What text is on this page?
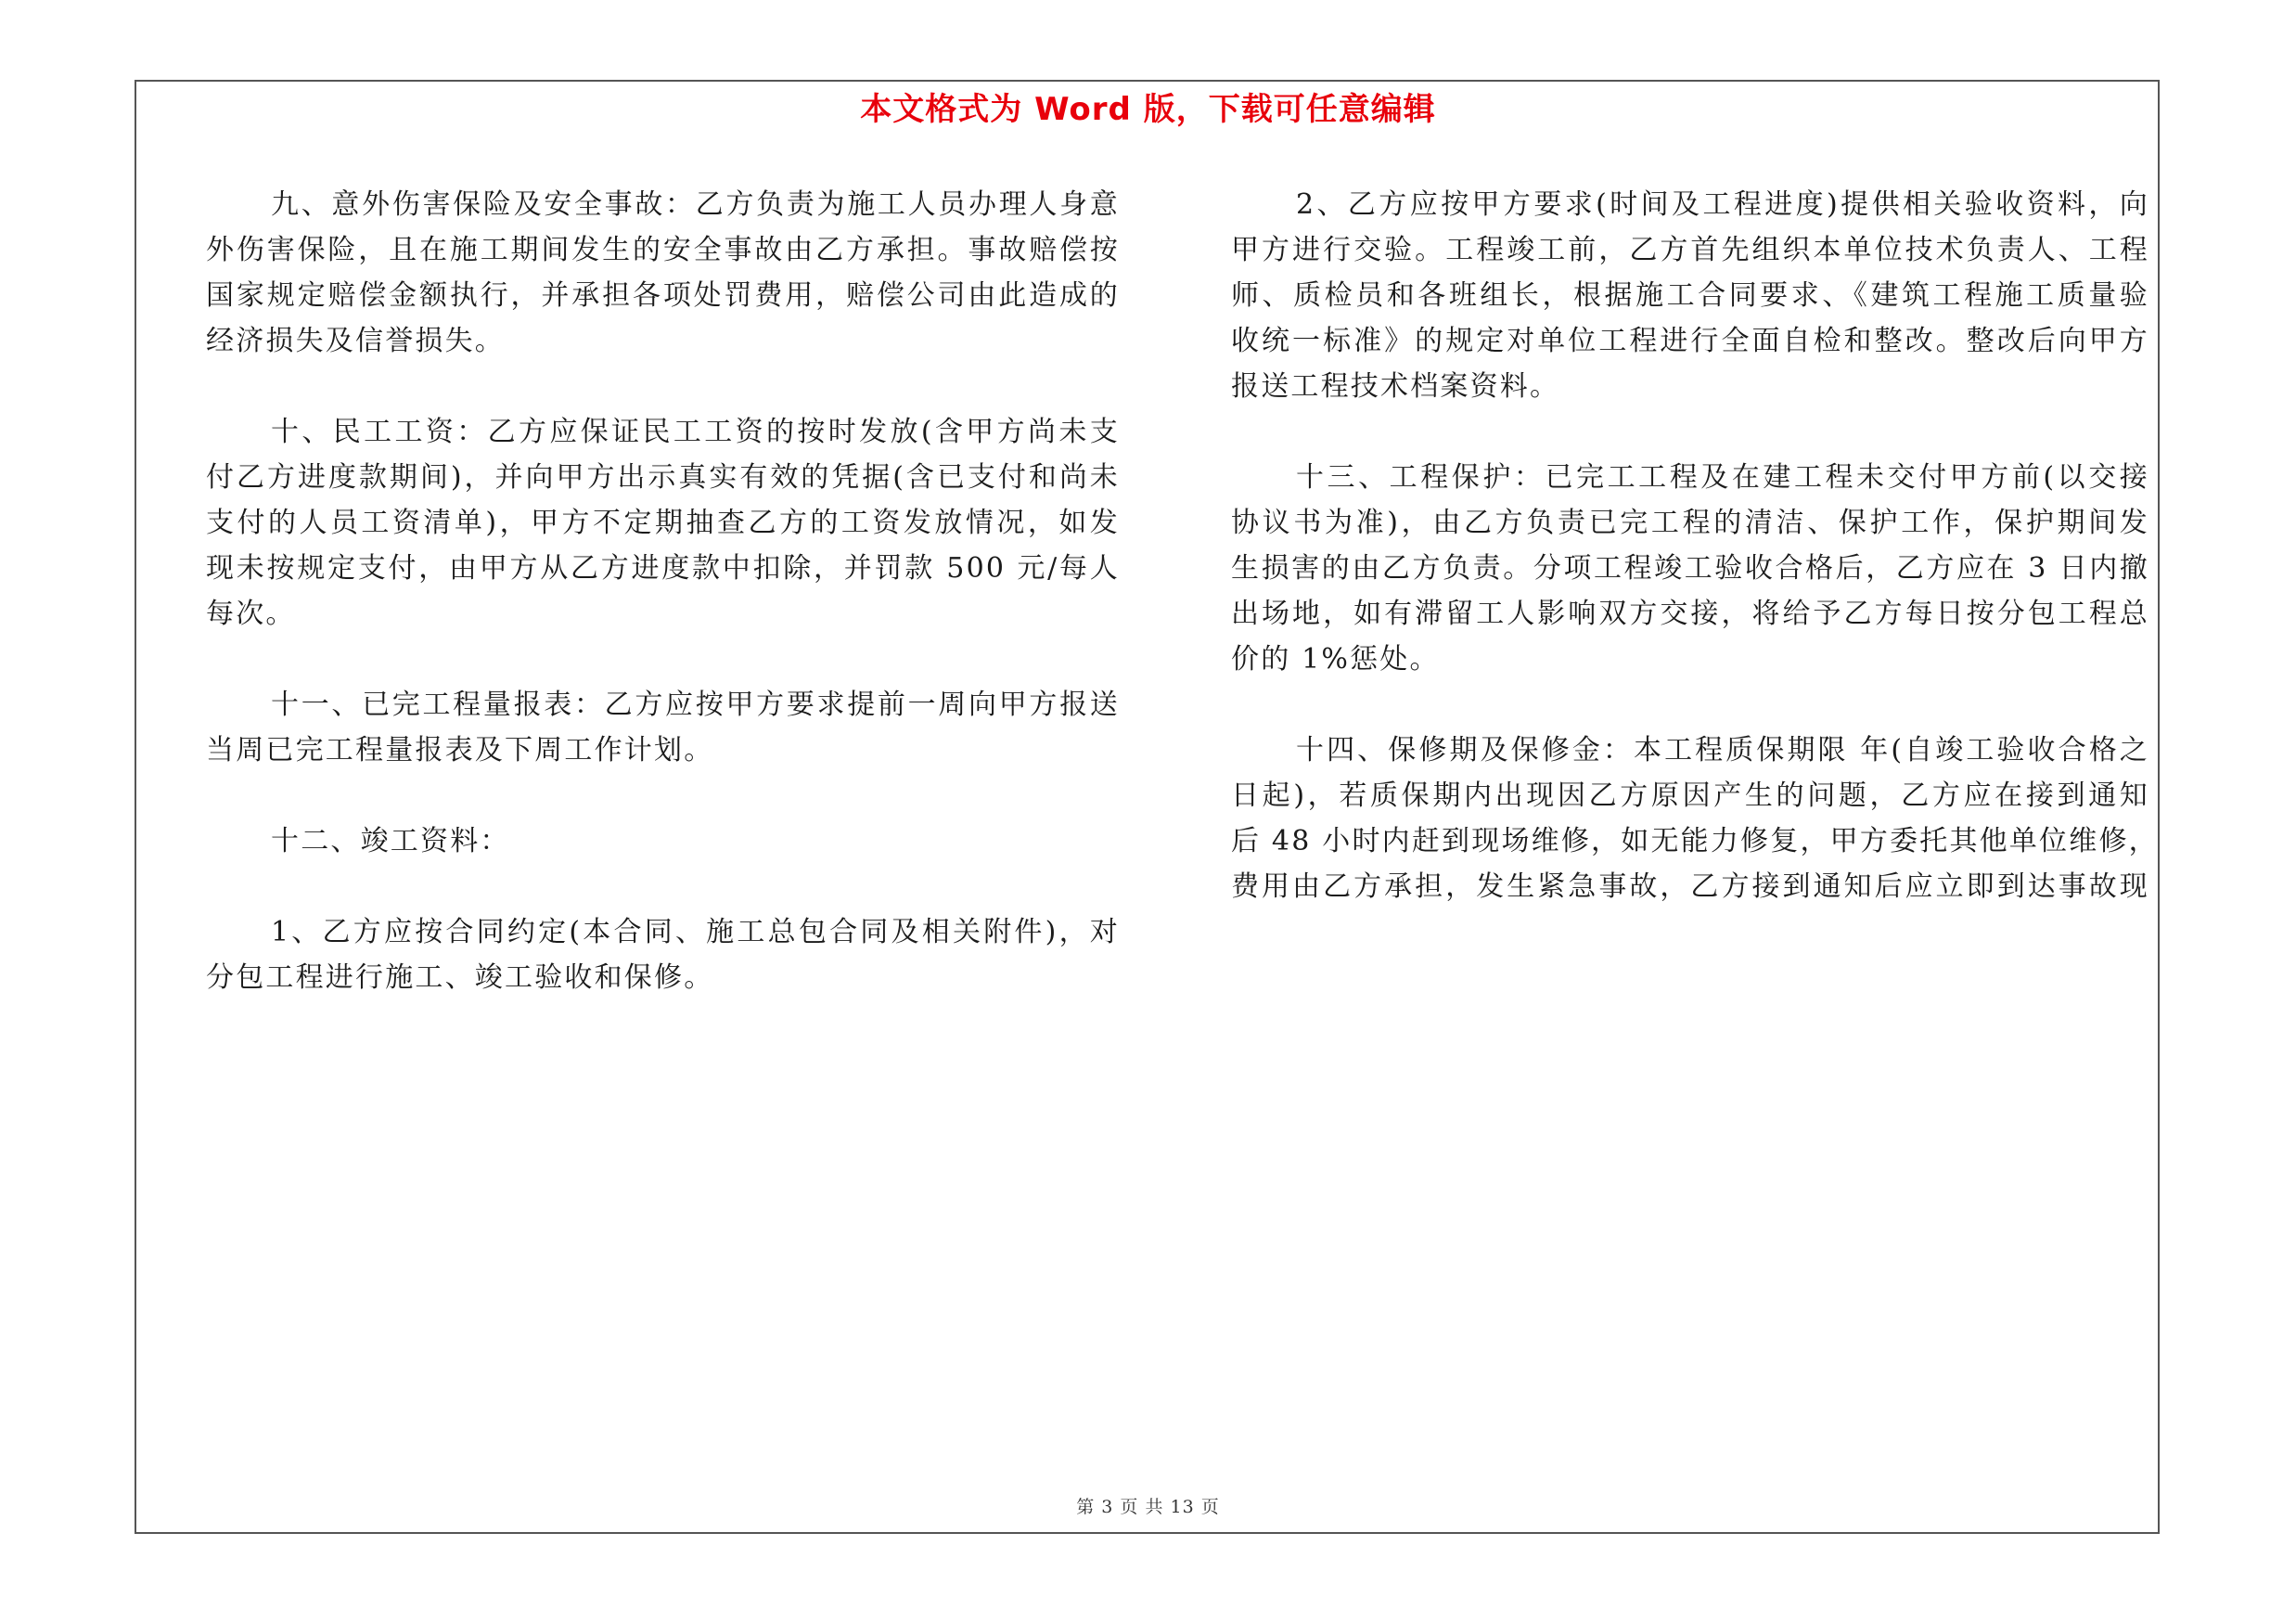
本文格式为 Word 版，下载可任意编辑
九、意外伤害保险及安全事故：乙方负责为施工人员办理人身意
外伤害保险，且在施工期间发生的安全事故由乙方承担。事故赔偿按
国家规定赔偿金额执行，并承担各项处罚费用，赔偿公司由此造成的
经济损失及信誉损失。
十、民工工资：乙方应保证民工工资的按时发放(含甲方尚未支
付乙方进度款期间)，并向甲方出示真实有效的凭据(含已支付和尚未
支付的人员工资清单)，甲方不定期抽查乙方的工资发放情况，如发
现未按规定支付，由甲方从乙方进度款中扣除，并罚款 500 元/每人
每次。
十一、已完工程量报表：乙方应按甲方要求提前一周向甲方报送
当周已完工程量报表及下周工作计划。
十二、竣工资料：
1、乙方应按合同约定(本合同、施工总包合同及相关附件)，对
分包工程进行施工、竣工验收和保修。
2、乙方应按甲方要求(时间及工程进度)提供相关验收资料，向
甲方进行交验。工程竣工前，乙方首先组织本单位技术负责人、工程
师、质检员和各班组长，根据施工合同要求、《建筑工程施工质量验
收统一标准》的规定对单位工程进行全面自检和整改。整改后向甲方
报送工程技术档案资料。
十三、工程保护：已完工工程及在建工程未交付甲方前(以交接
协议书为准)，由乙方负责已完工程的清洁、保护工作，保护期间发
生损害的由乙方负责。分项工程竣工验收合格后，乙方应在 3 日内撤
出场地，如有滞留工人影响双方交接，将给予乙方每日按分包工程总
价的 1%惩处。
十四、保修期及保修金：本工程质保期限 年(自竣工验收合格之
日起)，若质保期内出现因乙方原因产生的问题，乙方应在接到通知
后 48 小时内赶到现场维修，如无能力修复，甲方委托其他单位维修，
费用由乙方承担，发生紧急事故，乙方接到通知后应立即到达事故现
第 3 页 共 13 页
